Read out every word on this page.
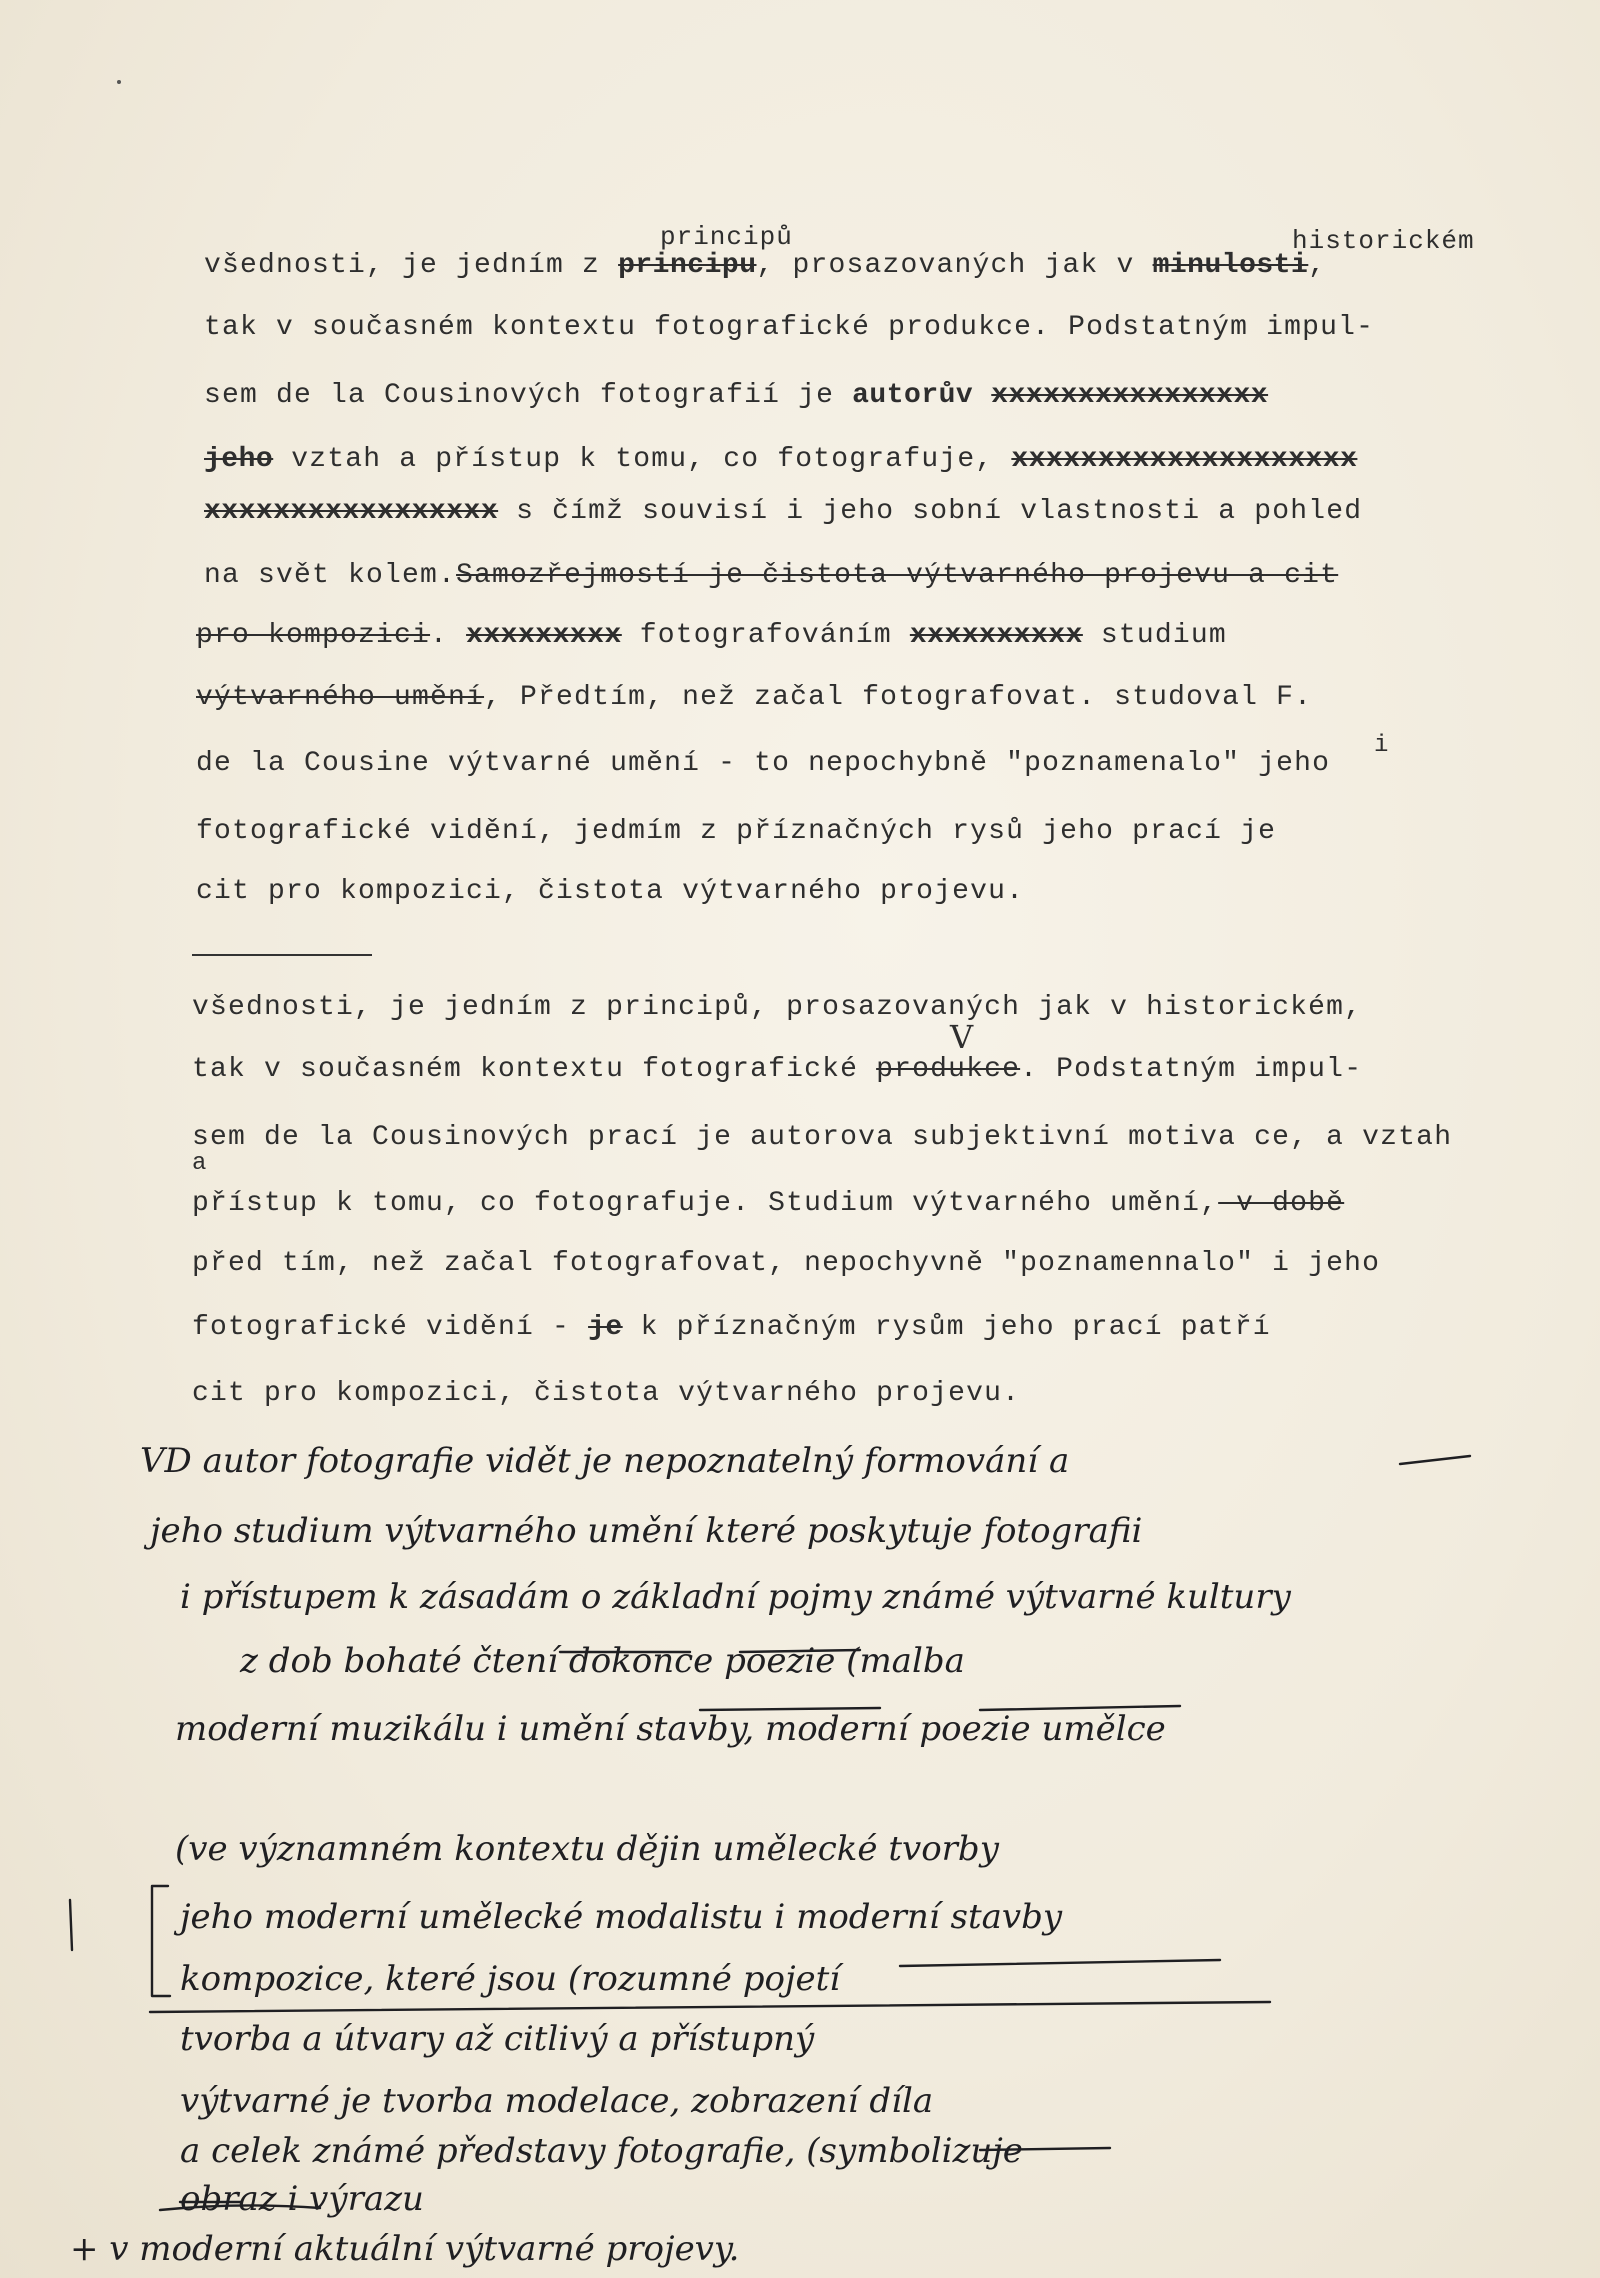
principů	historickém
všednosti, je jedním z principu, prosazovaných jak v minulosti,
tak v současném kontextu fotografické produkce. Podstatným impul-
sem de la Cousinových fotografií je autorův xxxxxxxxxxxxxxxx
jeho vztah a přístup k tomu, co fotografuje, xxxxxxxxxxxxxxxxxxxx
xxxxxxxxxxxxxxxxx s čímž souvisí i jeho sobní vlastnosti a pohled
na svět kolem.Samozřejmostí je čistota výtvarného projevu a cit
pro kompozici. xxxxxxxxx fotografováním xxxxxxxxxx studium
výtvarného umění, Předtím, než začal fotografovat. studoval F.
i
de la Cousine výtvarné umění - to nepochybně "poznamenalo" jeho
fotografické vidění, jedmím z příznačných rysů jeho prací je
cit pro kompozici, čistota výtvarného projevu.
všednosti, je jedním z principů, prosazovaných jak v historickém,
V
tak v současném kontextu fotografické produkce. Podstatným impul-
sem de la Cousinových prací je autorova subjektivní motiva ce, a vztah
a
přístup k tomu, co fotografuje. Studium výtvarného umění, v době
před tím, než začal fotografovat, nepochyvně "poznamennalo" i jeho
fotografické vidění - je k příznačným rysům jeho prací patří
cit pro kompozici, čistota výtvarného projevu.
VD autor fotografie vidět je nepoznatelný formování a
jeho studium výtvarného umění které poskytuje fotografii
i přístupem k zásadám o základní pojmy známé výtvarné kultury
z dob bohaté čtení dokonce poezie (malba
moderní muzikálu i umění stavby, moderní poezie umělce
(ve významném kontextu dějin umělecké tvorby
jeho moderní umělecké modalistu i moderní stavby
kompozice, které jsou (rozumné pojetí
tvorba a útvary až citlivý a přístupný
výtvarné je tvorba modelace, zobrazení díla
a celek známé představy fotografie, (symbolizuje
obraz i výrazu
+ v moderní aktuální výtvarné projevy.
